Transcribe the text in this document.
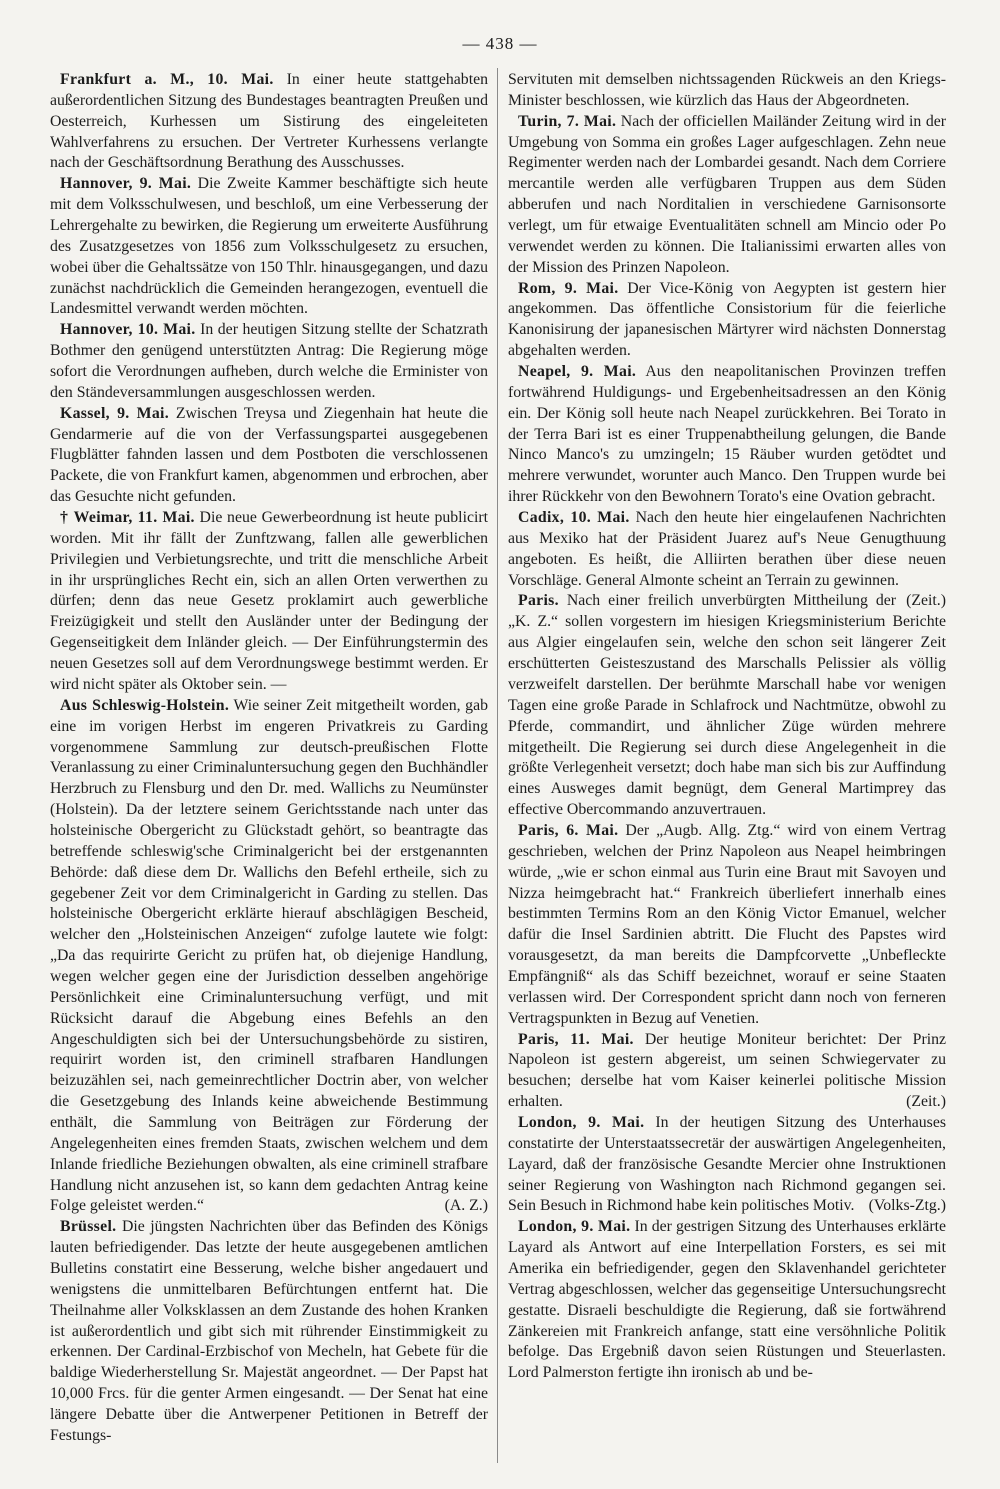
— 438 —

Frankfurt a. M., 10. Mai. In einer heute stattgehabten außerordentlichen Sitzung des Bundestages beantragten Preußen und Oesterreich, Kurhessen um Sistirung des eingeleiteten Wahlverfahrens zu ersuchen. Der Vertreter Kurhessens verlangte nach der Geschäftsordnung Berathung des Ausschusses.

Hannover, 9. Mai. Die Zweite Kammer beschäftigte sich heute mit dem Volksschulwesen, und beschloß, um eine Verbesserung der Lehrergehalte zu bewirken, die Regierung um erweiterte Ausführung des Zusatzgesetzes von 1856 zum Volksschulgesetz zu ersuchen, wobei über die Gehaltssätze von 150 Thlr. hinausgegangen, und dazu zunächst nachdrücklich die Gemeinden herangezogen, eventuell die Landesmittel verwandt werden möchten.

Hannover, 10. Mai. In der heutigen Sitzung stellte der Schatzrath Bothmer den genügend unterstützten Antrag: Die Regierung möge sofort die Verordnungen aufheben, durch welche die Erminister von den Ständeversammlungen ausgeschlossen werden.

Kassel, 9. Mai. Zwischen Treysa und Ziegenhain hat heute die Gendarmerie auf die von der Verfassungspartei ausgegebenen Flugblätter fahnden lassen und dem Postboten die verschlossenen Packete, die von Frankfurt kamen, abgenommen und erbrochen, aber das Gesuchte nicht gefunden.

† Weimar, 11. Mai. Die neue Gewerbeordnung ist heute publicirt worden. Mit ihr fällt der Zunftzwang, fallen alle gewerblichen Privilegien und Verbietungsrechte, und tritt die menschliche Arbeit in ihr ursprüngliches Recht ein, sich an allen Orten verwerthen zu dürfen; denn das neue Gesetz proklamirt auch gewerbliche Freizügigkeit und stellt den Ausländer unter der Bedingung der Gegenseitigkeit dem Inländer gleich. — Der Einführungstermin des neuen Gesetzes soll auf dem Verordnungswege bestimmt werden. Er wird nicht später als Oktober sein. —

Aus Schleswig-Holstein. Wie seiner Zeit mitgetheilt worden, gab eine im vorigen Herbst im engeren Privatkreis zu Garding vorgenommene Sammlung zur deutsch-preußischen Flotte Veranlassung zu einer Criminaluntersuchung gegen den Buchhändler Herzbruch zu Flensburg und den Dr. med. Wallichs zu Neumünster (Holstein). Da der letztere seinem Gerichtsstande nach unter das holsteinische Obergericht zu Glückstadt gehört, so beantragte das betreffende schleswig'sche Criminalgericht bei der erstgenannten Behörde: daß diese dem Dr. Wallichs den Befehl ertheile, sich zu gegebener Zeit vor dem Criminalgericht in Garding zu stellen. Das holsteinische Obergericht erklärte hierauf abschlägigen Bescheid, welcher den „Holsteinischen Anzeigen“ zufolge lautete wie folgt: „Da das requirirte Gericht zu prüfen hat, ob diejenige Handlung, wegen welcher gegen eine der Jurisdiction desselben angehörige Persönlichkeit eine Criminaluntersuchung verfügt, und mit Rücksicht darauf die Abgebung eines Befehls an den Angeschuldigten sich bei der Untersuchungsbehörde zu sistiren, requirirt worden ist, den criminell strafbaren Handlungen beizuzählen sei, nach gemeinrechtlicher Doctrin aber, von welcher die Gesetzgebung des Inlands keine abweichende Bestimmung enthält, die Sammlung von Beiträgen zur Förderung der Angelegenheiten eines fremden Staats, zwischen welchem und dem Inlande friedliche Beziehungen obwalten, als eine criminell strafbare Handlung nicht anzusehen ist, so kann dem gedachten Antrag keine Folge geleistet werden.“	(A. Z.)

Brüssel. Die jüngsten Nachrichten über das Befinden des Königs lauten befriedigender. Das letzte der heute ausgegebenen amtlichen Bulletins constatirt eine Besserung, welche bisher angedauert und wenigstens die unmittelbaren Befürchtungen entfernt hat. Die Theilnahme aller Volksklassen an dem Zustande des hohen Kranken ist außerordentlich und gibt sich mit rührender Einstimmigkeit zu erkennen. Der Cardinal-Erzbischof von Mecheln, hat Gebete für die baldige Wiederherstellung Sr. Majestät angeordnet. — Der Papst hat 10,000 Frcs. für die genter Armen eingesandt. — Der Senat hat eine längere Debatte über die Antwerpener Petitionen in Betreff der Festungs-

Servituten mit demselben nichtssagenden Rückweis an den Kriegs-Minister beschlossen, wie kürzlich das Haus der Abgeordneten.

Turin, 7. Mai. Nach der officiellen Mailänder Zeitung wird in der Umgebung von Somma ein großes Lager aufgeschlagen. Zehn neue Regimenter werden nach der Lombardei gesandt. Nach dem Corriere mercantile werden alle verfügbaren Truppen aus dem Süden abberufen und nach Norditalien in verschiedene Garnisonsorte verlegt, um für etwaige Eventualitäten schnell am Mincio oder Po verwendet werden zu können. Die Italianissimi erwarten alles von der Mission des Prinzen Napoleon.

Rom, 9. Mai. Der Vice-König von Aegypten ist gestern hier angekommen. Das öffentliche Consistorium für die feierliche Kanonisirung der japanesischen Märtyrer wird nächsten Donnerstag abgehalten werden.

Neapel, 9. Mai. Aus den neapolitanischen Provinzen treffen fortwährend Huldigungs- und Ergebenheitsadressen an den König ein. Der König soll heute nach Neapel zurückkehren. Bei Torato in der Terra Bari ist es einer Truppenabtheilung gelungen, die Bande Ninco Manco's zu umzingeln; 15 Räuber wurden getödtet und mehrere verwundet, worunter auch Manco. Den Truppen wurde bei ihrer Rückkehr von den Bewohnern Torato's eine Ovation gebracht.

Cadix, 10. Mai. Nach den heute hier eingelaufenen Nachrichten aus Mexiko hat der Präsident Juarez auf's Neue Genugthuung angeboten. Es heißt, die Alliirten berathen über diese neuen Vorschläge. General Almonte scheint an Terrain zu gewinnen.
(Zeit.)

Paris. Nach einer freilich unverbürgten Mittheilung der „K. Z.“ sollen vorgestern im hiesigen Kriegsministerium Berichte aus Algier eingelaufen sein, welche den schon seit längerer Zeit erschütterten Geisteszustand des Marschalls Pelissier als völlig verzweifelt darstellen. Der berühmte Marschall habe vor wenigen Tagen eine große Parade in Schlafrock und Nachtmütze, obwohl zu Pferde, commandirt, und ähnlicher Züge würden mehrere mitgetheilt. Die Regierung sei durch diese Angelegenheit in die größte Verlegenheit versetzt; doch habe man sich bis zur Auffindung eines Ausweges damit begnügt, dem General Martimprey das effective Obercommando anzuvertrauen.

Paris, 6. Mai. Der „Augb. Allg. Ztg.“ wird von einem Vertrag geschrieben, welchen der Prinz Napoleon aus Neapel heimbringen würde, „wie er schon einmal aus Turin eine Braut mit Savoyen und Nizza heimgebracht hat.“ Frankreich überliefert innerhalb eines bestimmten Termins Rom an den König Victor Emanuel, welcher dafür die Insel Sardinien abtritt. Die Flucht des Papstes wird vorausgesetzt, da man bereits die Dampfcorvette „Unbefleckte Empfängniß“ als das Schiff bezeichnet, worauf er seine Staaten verlassen wird. Der Correspondent spricht dann noch von ferneren Vertragspunkten in Bezug auf Venetien.

Paris, 11. Mai. Der heutige Moniteur berichtet: Der Prinz Napoleon ist gestern abgereist, um seinen Schwiegervater zu besuchen; derselbe hat vom Kaiser keinerlei politische Mission erhalten.	(Zeit.)

London, 9. Mai. In der heutigen Sitzung des Unterhauses constatirte der Unterstaatssecretär der auswärtigen Angelegenheiten, Layard, daß der französische Gesandte Mercier ohne Instruktionen seiner Regierung von Washington nach Richmond gegangen sei. Sein Besuch in Richmond habe kein politisches Motiv. (Volks-Ztg.)

London, 9. Mai. In der gestrigen Sitzung des Unterhauses erklärte Layard als Antwort auf eine Interpellation Forsters, es sei mit Amerika ein befriedigender, gegen den Sklavenhandel gerichteter Vertrag abgeschlossen, welcher das gegenseitige Untersuchungsrecht gestatte. Disraeli beschuldigte die Regierung, daß sie fortwährend Zänkereien mit Frankreich anfange, statt eine versöhnliche Politik befolge. Das Ergebniß davon seien Rüstungen und Steuerlasten. Lord Palmerston fertigte ihn ironisch ab und be-
